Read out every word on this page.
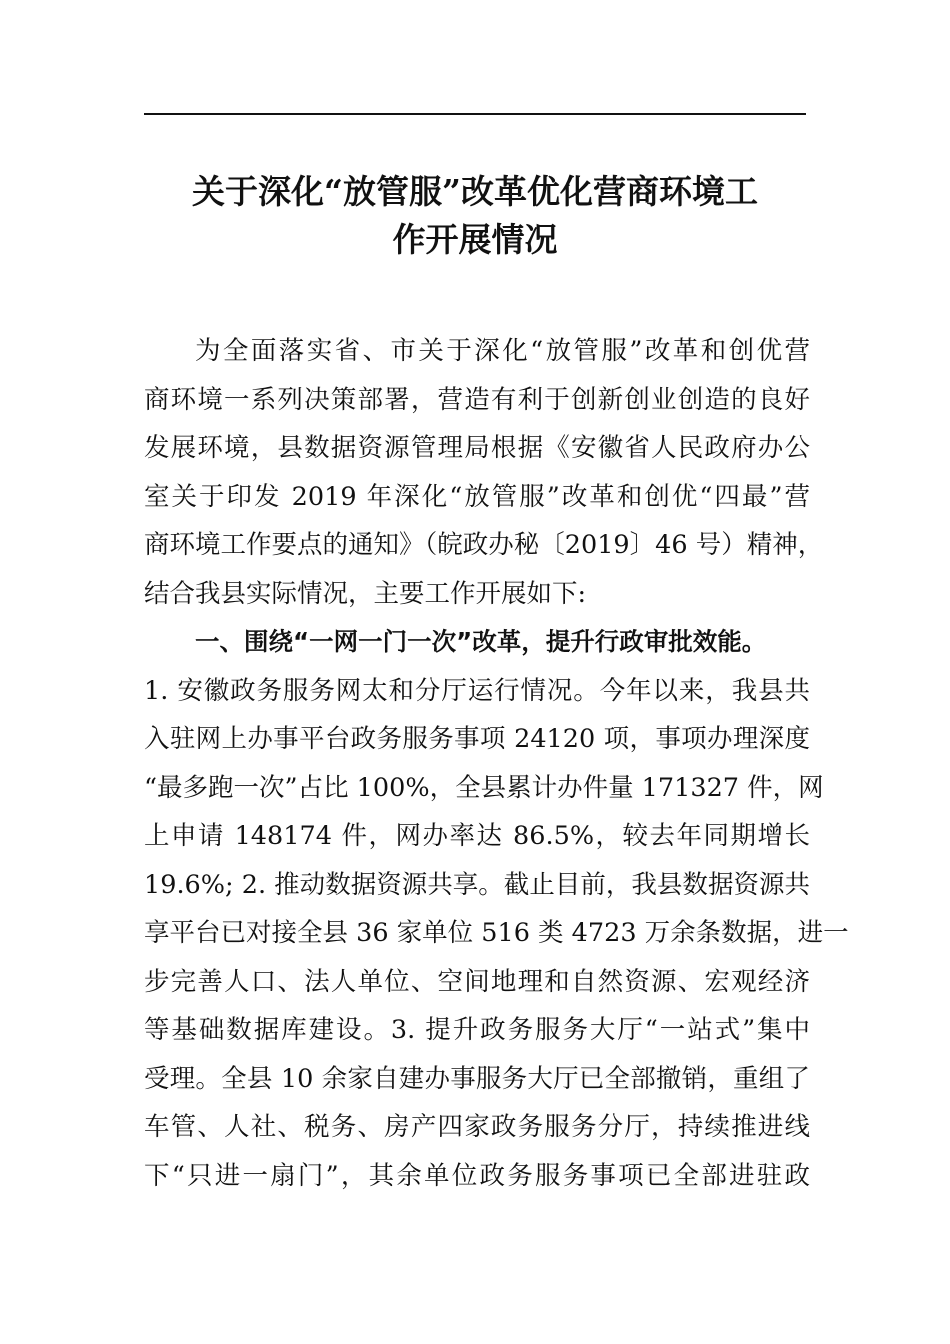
关于深化“放管服”改革优化营商环境工
作开展情况
为全面落实省、市关于深化“放管服”改革和创优营
商环境一系列决策部署，营造有利于创新创业创造的良好
发展环境，县数据资源管理局根据《安徽省人民政府办公
室关于印发 2019 年深化“放管服”改革和创优“四最”营
商环境工作要点的通知》（皖政办秘〔2019〕46 号）精神，
结合我县实际情况，主要工作开展如下:
一、围绕“一网一门一次”改革，提升行政审批效能。
1. 安徽政务服务网太和分厅运行情况。今年以来，我县共
入驻网上办事平台政务服务事项 24120 项，事项办理深度
“最多跑一次”占比 100%，全县累计办件量 171327 件，网
上申请 148174 件，网办率达 86.5%，较去年同期增长
19.6%; 2. 推动数据资源共享。截止目前，我县数据资源共
享平台已对接全县 36 家单位 516 类 4723 万余条数据，进一
步完善人口、法人单位、空间地理和自然资源、宏观经济
等基础数据库建设。3. 提升政务服务大厅“一站式”集中
受理。全县 10 余家自建办事服务大厅已全部撤销，重组了
车管、人社、税务、房产四家政务服务分厅，持续推进线
下“只进一扇门”，其余单位政务服务事项已全部进驻政
